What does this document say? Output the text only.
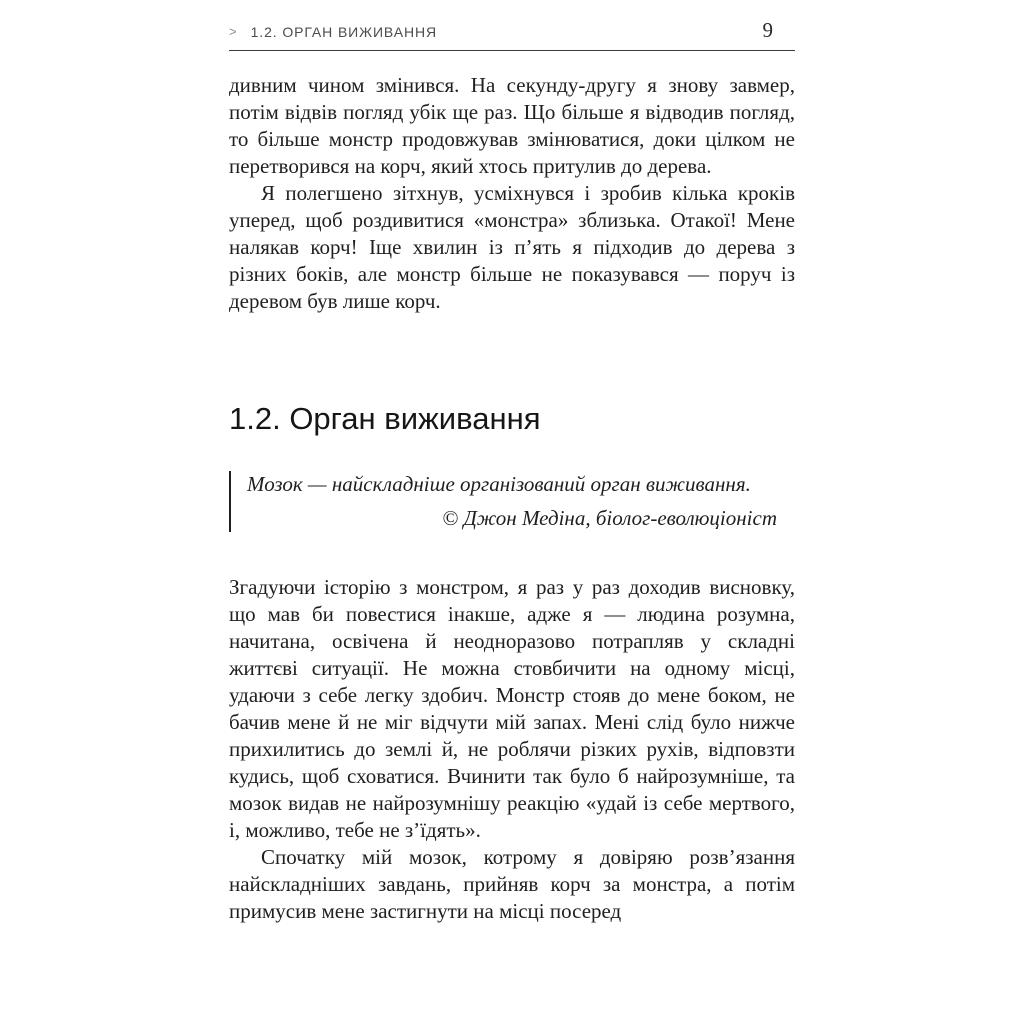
> 1.2. ОРГАН ВИЖИВАННЯ	9

дивним чином змінився. На секунду-другу я знову завмер, потім відвів погляд убік ще раз. Що більше я відводив погляд, то більше монстр продовжував змінюватися, доки цілком не перетворився на корч, який хтось притулив до дерева.

Я полегшено зітхнув, усміхнувся і зробив кілька кроків уперед, щоб роздивитися «монстра» зблизька. Отакої! Мене налякав корч! Іще хвилин із п’ять я підходив до дерева з різних боків, але монстр більше не показувався — поруч із деревом був лише корч.

1.2. Орган виживання

Мозок — найскладніше організований орган виживання.

© Джон Медіна, біолог-еволюціоніст

Згадуючи історію з монстром, я раз у раз доходив висновку, що мав би повестися інакше, адже я — людина розумна, начитана, освічена й неодноразово потрапляв у складні життєві ситуації. Не можна стовбичити на одному місці, удаючи з себе легку здобич. Монстр стояв до мене боком, не бачив мене й не міг відчути мій запах. Мені слід було нижче прихилитись до землі й, не роблячи різких рухів, відповзти кудись, щоб сховатися. Вчинити так було б найрозумніше, та мозок видав не найрозумнішу реакцію «удай із себе мертвого, і, можливо, тебе не з’їдять».

Спочатку мій мозок, котрому я довіряю розв’язання найскладніших завдань, прийняв корч за монстра, а потім примусив мене застигнути на місці посеред
